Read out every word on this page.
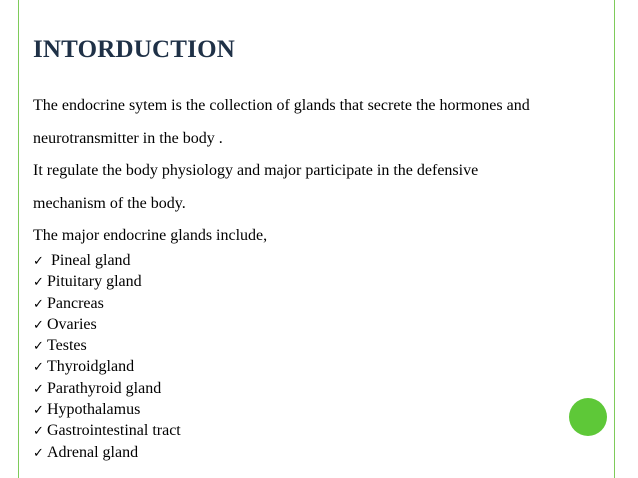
INTORDUCTION

The endocrine sytem is the collection of glands that secrete the hormones and

neurotransmitter in the body .

It regulate the body physiology and major participate in the defensive

mechanism of the body.

The major endocrine glands include,

✓ Pineal gland
✓ Pituitary gland
✓ Pancreas
✓ Ovaries
✓ Testes
✓ Thyroidgland
✓ Parathyroid gland
✓ Hypothalamus
✓ Gastrointestinal tract
✓ Adrenal gland
